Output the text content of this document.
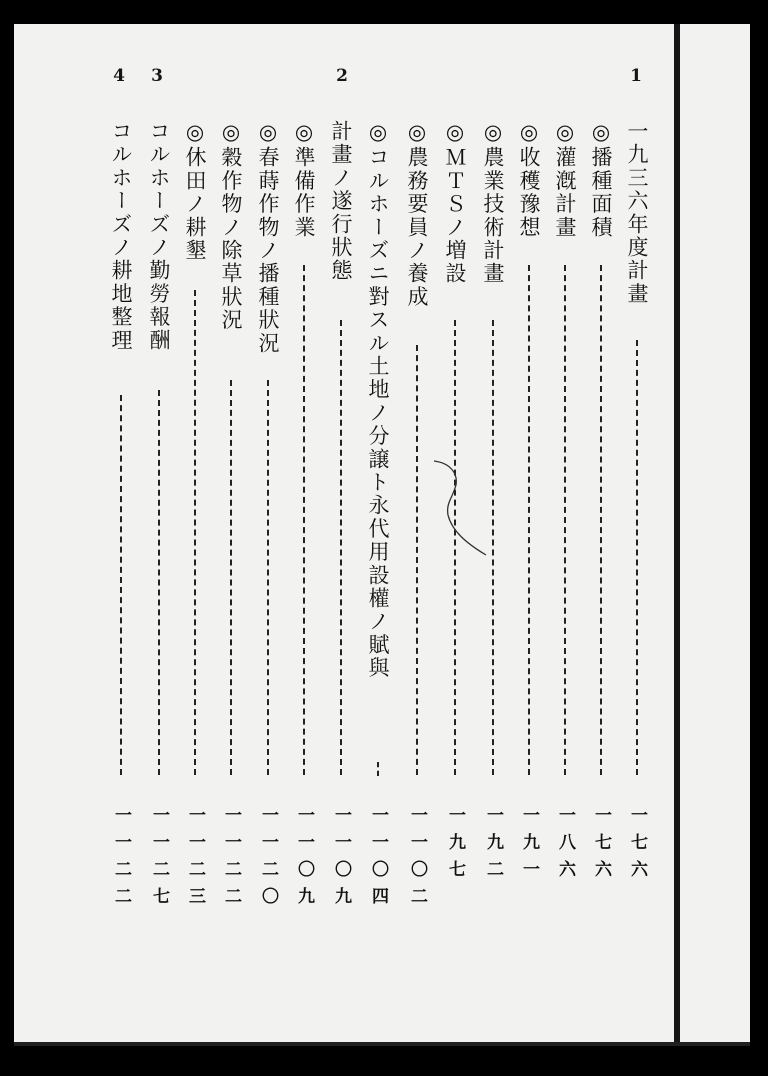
1
2
3
4
一九三六年度計畫
◎播種面積
◎灌漑計畫
◎收穫豫想
◎農業技術計畫
◎ＭＴＳノ増設
◎農務要員ノ養成
◎コルホーズニ對スル土地ノ分譲ト永代用設權ノ賦與
計畫ノ遂行狀態
◎準備作業
◎春蒔作物ノ播種狀況
◎穀作物ノ除草狀況
◎休田ノ耕墾
コルホーズノ勤勞報酬
コルホーズノ耕地整理
一七六
一七六
一八六
一九一
一九二
一九七
一一〇二
一一〇四
一一〇九
一一〇九
一一二〇
一一二二
一一二三
一一二七
一一二二
